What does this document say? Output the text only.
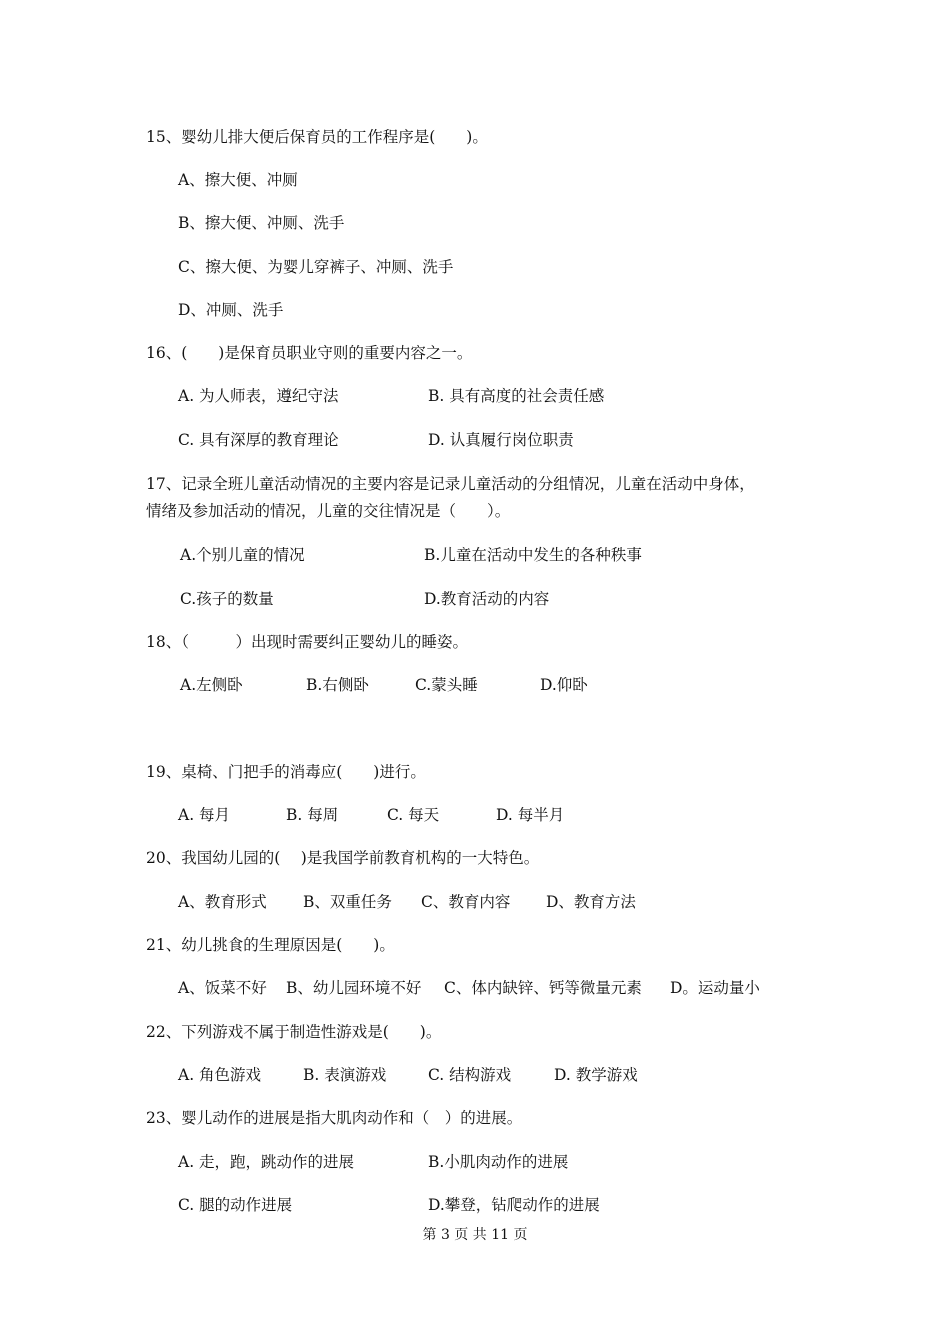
15、婴幼儿排大便后保育员的工作程序是(　　)。
A、擦大便、冲厕
B、擦大便、冲厕、洗手
C、擦大便、为婴儿穿裤子、冲厕、洗手
D、冲厕、洗手
16、(　　)是保育员职业守则的重要内容之一。
A. 为人师表，遵纪守法	B. 具有高度的社会责任感
C. 具有深厚的教育理论	D. 认真履行岗位职责
17、记录全班儿童活动情况的主要内容是记录儿童活动的分组情况，儿童在活动中身体，
情绪及参加活动的情况，儿童的交往情况是（　　）。
A.个别儿童的情况	B.儿童在活动中发生的各种秩事
C.孩子的数量	D.教育活动的内容
18、（　　　）出现时需要纠正婴幼儿的睡姿。
A.左侧卧	B.右侧卧	C.蒙头睡	D.仰卧
19、桌椅、门把手的消毒应(　　)进行。
A. 每月	B. 每周	C. 每天	D. 每半月
20、我国幼儿园的(　 )是我国学前教育机构的一大特色。
A、教育形式 B、双重任务 C、教育内容 D、教育方法
21、幼儿挑食的生理原因是(　　)。
A、饭菜不好 B、幼儿园环境不好 C、体内缺锌、钙等微量元素 D。运动量小
22、下列游戏不属于制造性游戏是(　　)。
A. 角色游戏	B. 表演游戏	C. 结构游戏	D. 教学游戏
23、婴儿动作的进展是指大肌肉动作和（　）的进展。
A. 走，跑，跳动作的进展	B.小肌肉动作的进展
C. 腿的动作进展	D.攀登，钻爬动作的进展
第 3 页 共 11 页
